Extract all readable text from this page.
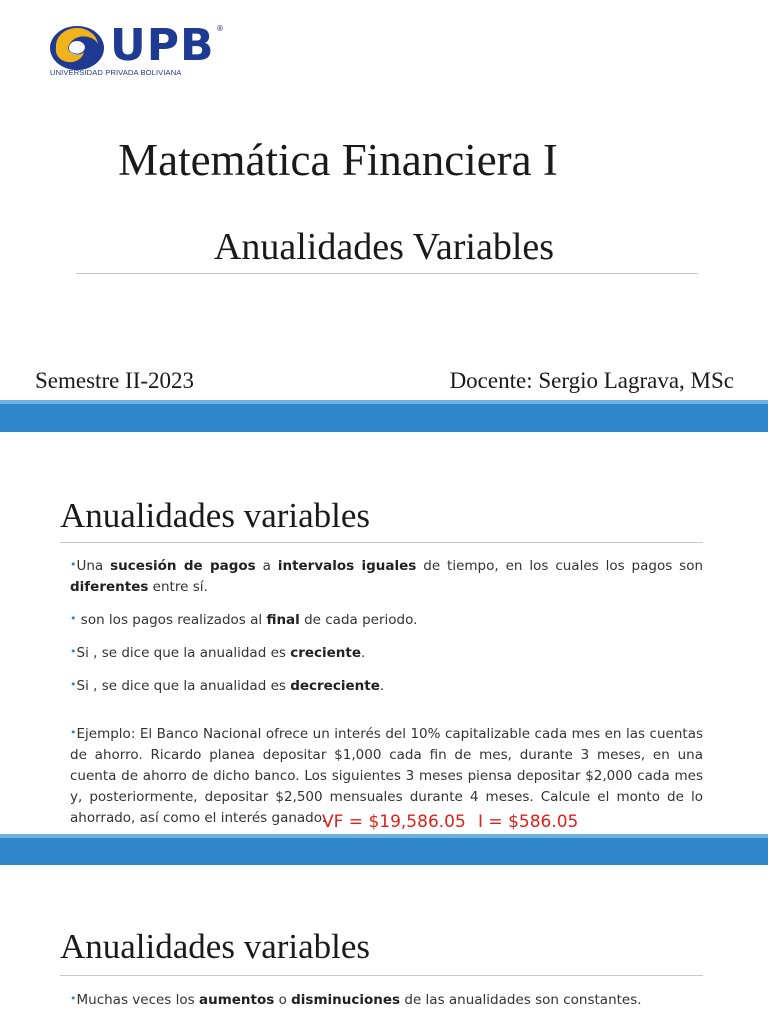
UPB ®
UNIVERSIDAD PRIVADA BOLIVIANA
Matemática Financiera I
Anualidades Variables
Semestre II-2023	Docente: Sergio Lagrava, MSc
Anualidades variables
•Una sucesión de pagos a intervalos iguales de tiempo, en los cuales los pagos son diferentes entre sí.
• son los pagos realizados al final de cada periodo.
•Si , se dice que la anualidad es creciente.
•Si , se dice que la anualidad es decreciente.
•Ejemplo: El Banco Nacional ofrece un interés del 10% capitalizable cada mes en las cuentas de ahorro. Ricardo planea depositar $1,000 cada fin de mes, durante 3 meses, en una cuenta de ahorro de dicho banco. Los siguientes 3 meses piensa depositar $2,000 cada mes y, posteriormente, depositar $2,500 mensuales durante 4 meses. Calcule el monto de lo ahorrado, así como el interés ganado.
VF = $19,586.05 I = $586.05
Anualidades variables
•Muchas veces los aumentos o disminuciones de las anualidades son constantes.
